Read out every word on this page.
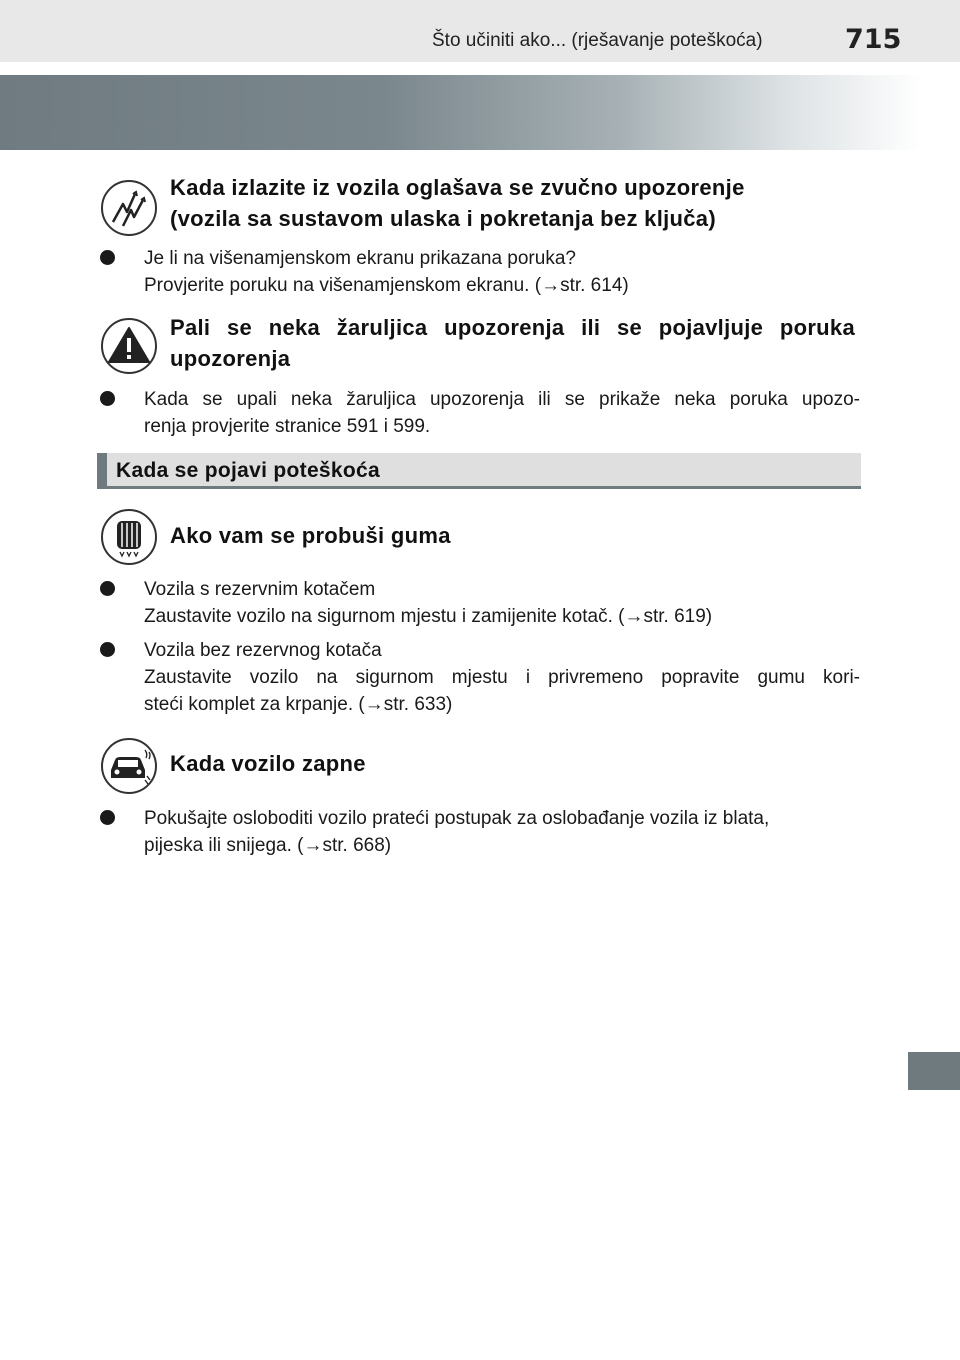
Što učiniti ako... (rješavanje poteškoća)	715
Kada izlazite iz vozila oglašava se zvučno upozorenje
(vozila sa sustavom ulaska i pokretanja bez ključa)
Je li na višenamjenskom ekranu prikazana poruka?
Provjerite poruku na višenamjenskom ekranu. (→str. 614)
Pali se neka žaruljica upozorenja ili se pojavljuje poruka
upozorenja
Kada se upali neka žaruljica upozorenja ili se prikaže neka poruka upozo-
renja provjerite stranice 591 i 599.
Kada se pojavi poteškoća
Ako vam se probuši guma
Vozila s rezervnim kotačem
Zaustavite vozilo na sigurnom mjestu i zamijenite kotač. (→str. 619)
Vozila bez rezervnog kotača
Zaustavite vozilo na sigurnom mjestu i privremeno popravite gumu kori-
steći komplet za krpanje. (→str. 633)
Kada vozilo zapne
Pokušajte osloboditi vozilo prateći postupak za oslobađanje vozila iz blata,
pijeska ili snijega. (→str. 668)
